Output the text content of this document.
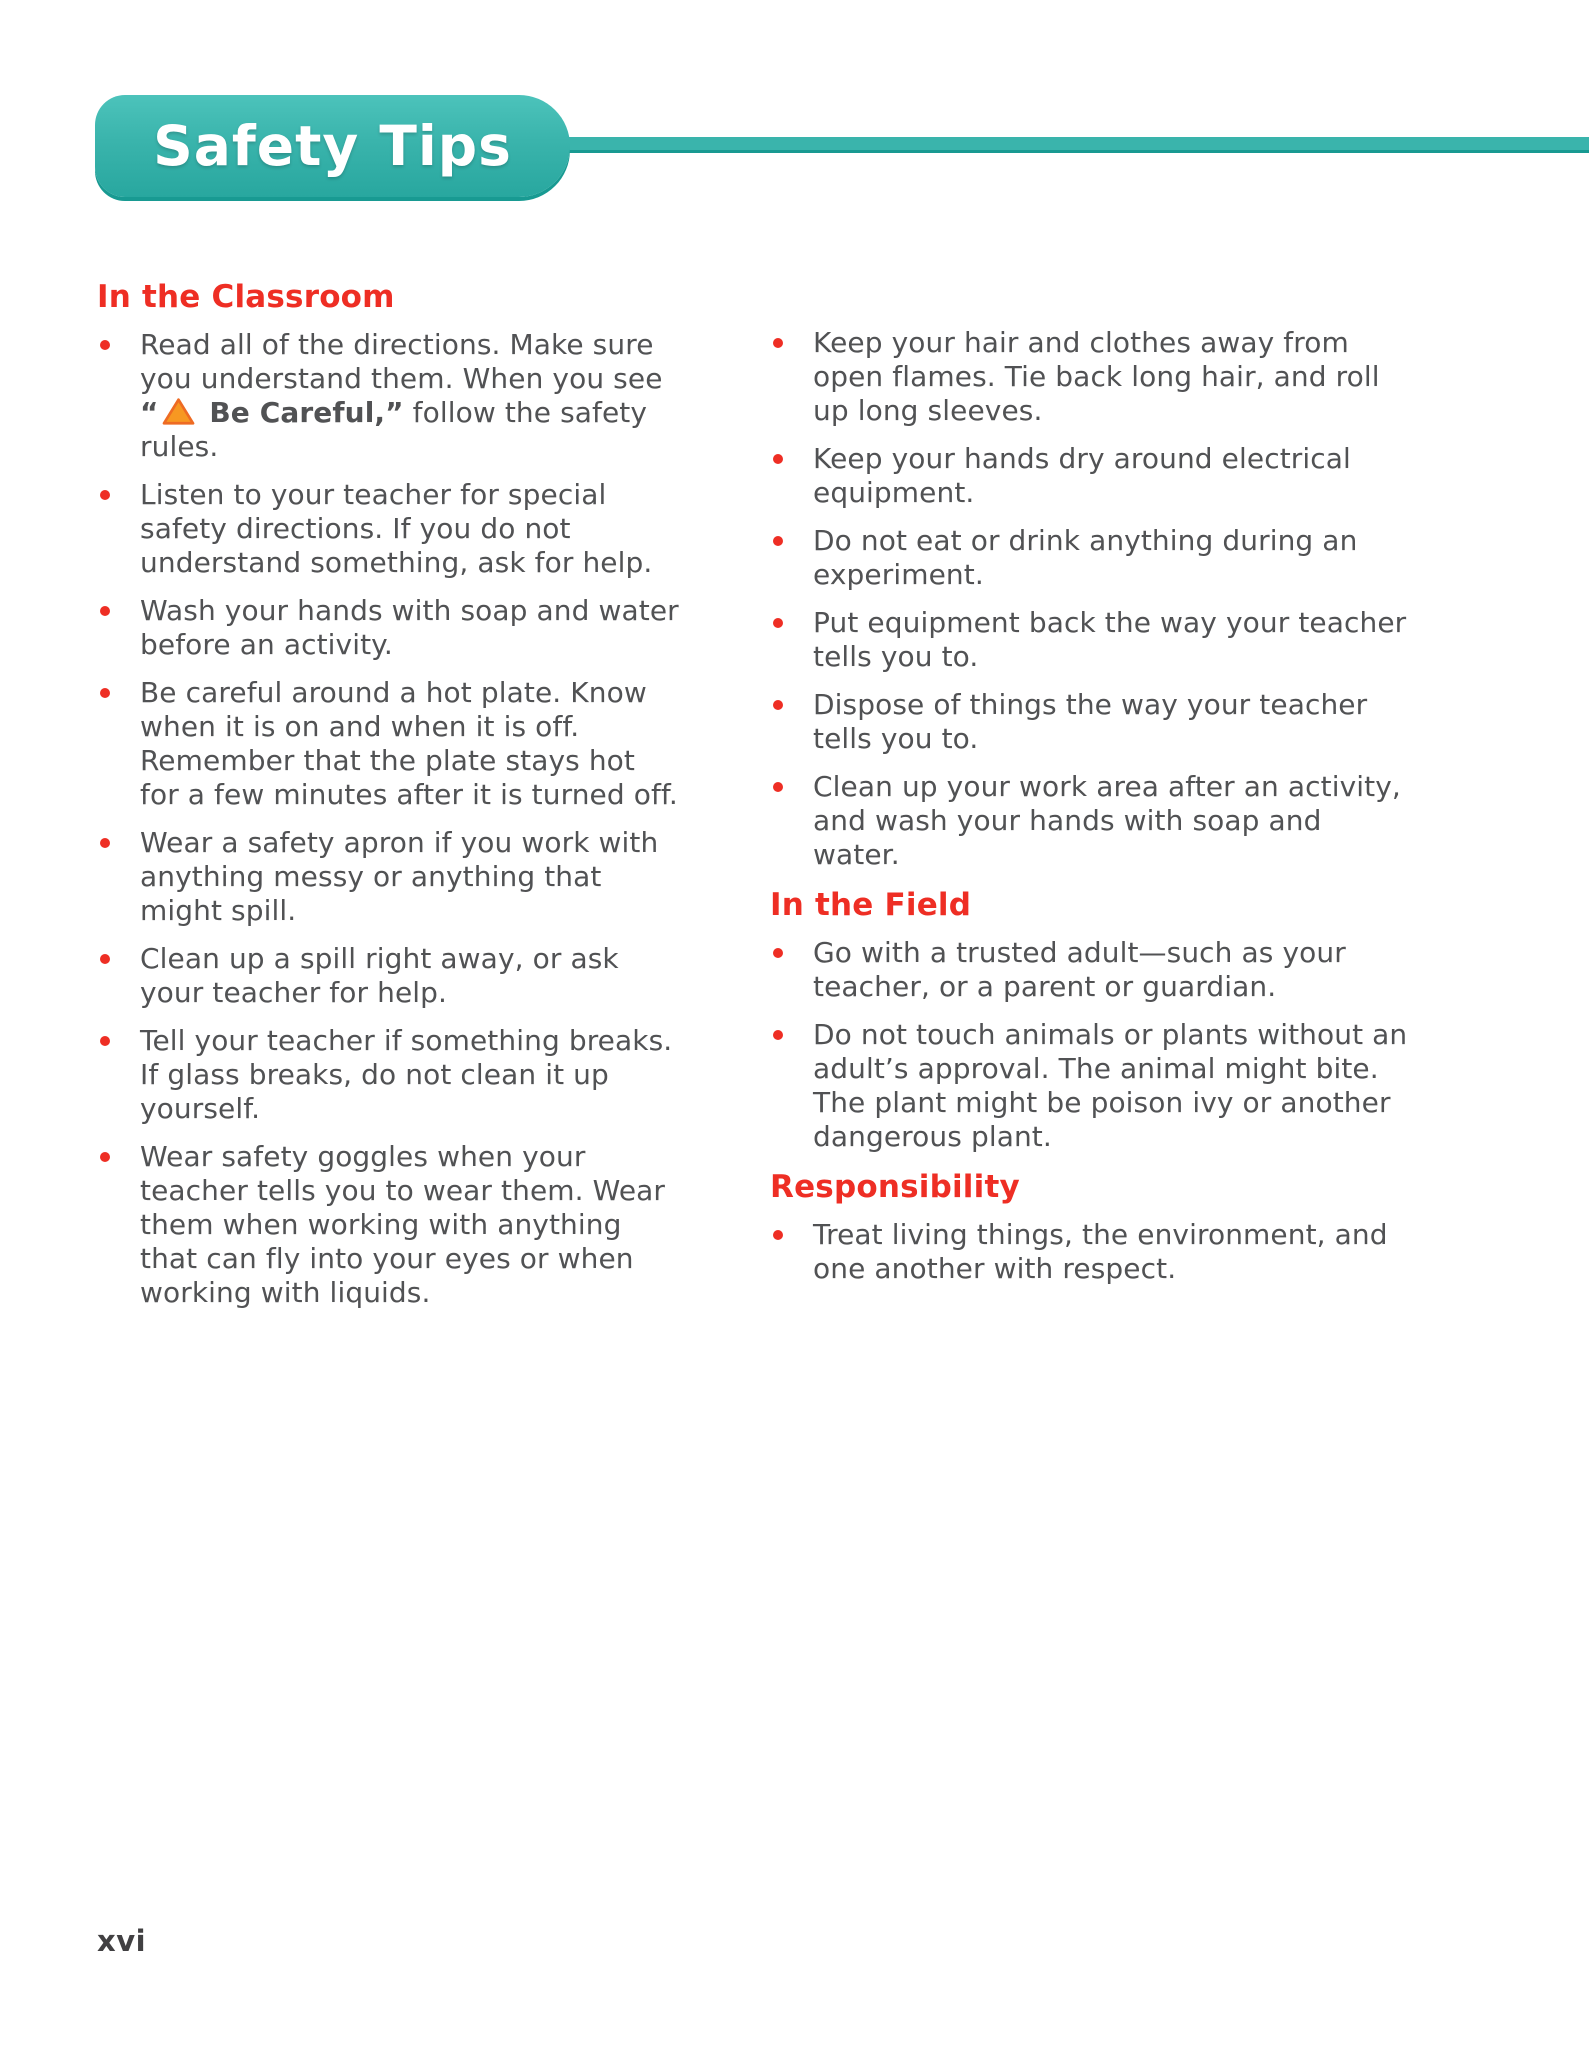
Safety Tips
In the Classroom
Read all of the directions. Make sure you understand them. When you see “ Be Careful,” follow the safety rules.
Listen to your teacher for special safety directions. If you do not understand something, ask for help.
Wash your hands with soap and water before an activity.
Be careful around a hot plate. Know when it is on and when it is off. Remember that the plate stays hot for a few minutes after it is turned off.
Wear a safety apron if you work with anything messy or anything that might spill.
Clean up a spill right away, or ask your teacher for help.
Tell your teacher if something breaks. If glass breaks, do not clean it up yourself.
Wear safety goggles when your teacher tells you to wear them. Wear them when working with anything that can fly into your eyes or when working with liquids.
Keep your hair and clothes away from open flames. Tie back long hair, and roll up long sleeves.
Keep your hands dry around electrical equipment.
Do not eat or drink anything during an experiment.
Put equipment back the way your teacher tells you to.
Dispose of things the way your teacher tells you to.
Clean up your work area after an activity, and wash your hands with soap and water.
In the Field
Go with a trusted adult—such as your teacher, or a parent or guardian.
Do not touch animals or plants without an adult’s approval. The animal might bite. The plant might be poison ivy or another dangerous plant.
Responsibility
Treat living things, the environment, and one another with respect.
xvi
